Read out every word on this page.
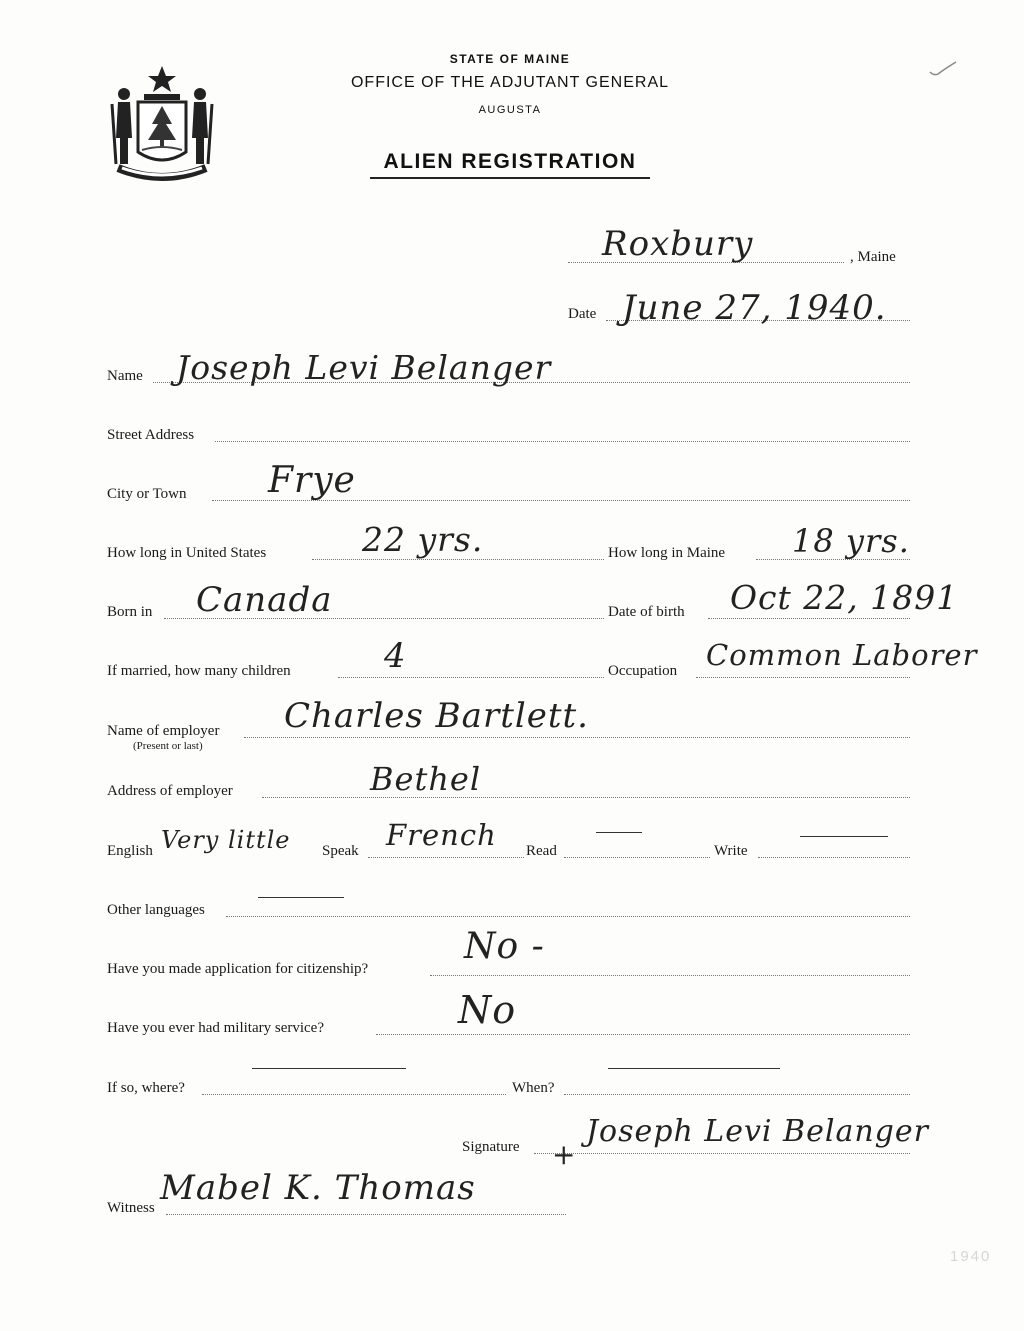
STATE OF MAINE
OFFICE OF THE ADJUTANT GENERAL
AUGUSTA
ALIEN REGISTRATION
Roxbury	, Maine
Date June 27, 1940.
Name Joseph Levi Belanger
Street Address
City or Town Frye
How long in United States	22 yrs.	How long in Maine 18 yrs.
Born in Canada	Date of birth Oct 22, 1891
If married, how many children	4	Occupation Common Laborer
Name of employer
(Present or last)
Charles Bartlett.
Address of employer	Bethel
English Very little Speak French Read	Write
Other languages
Have you made application for citizenship?
No -
Have you ever had military service?	No
If so, where?	When?
Signature +
Joseph Levi Belanger
Witness Mabel K. Thomas
1940
